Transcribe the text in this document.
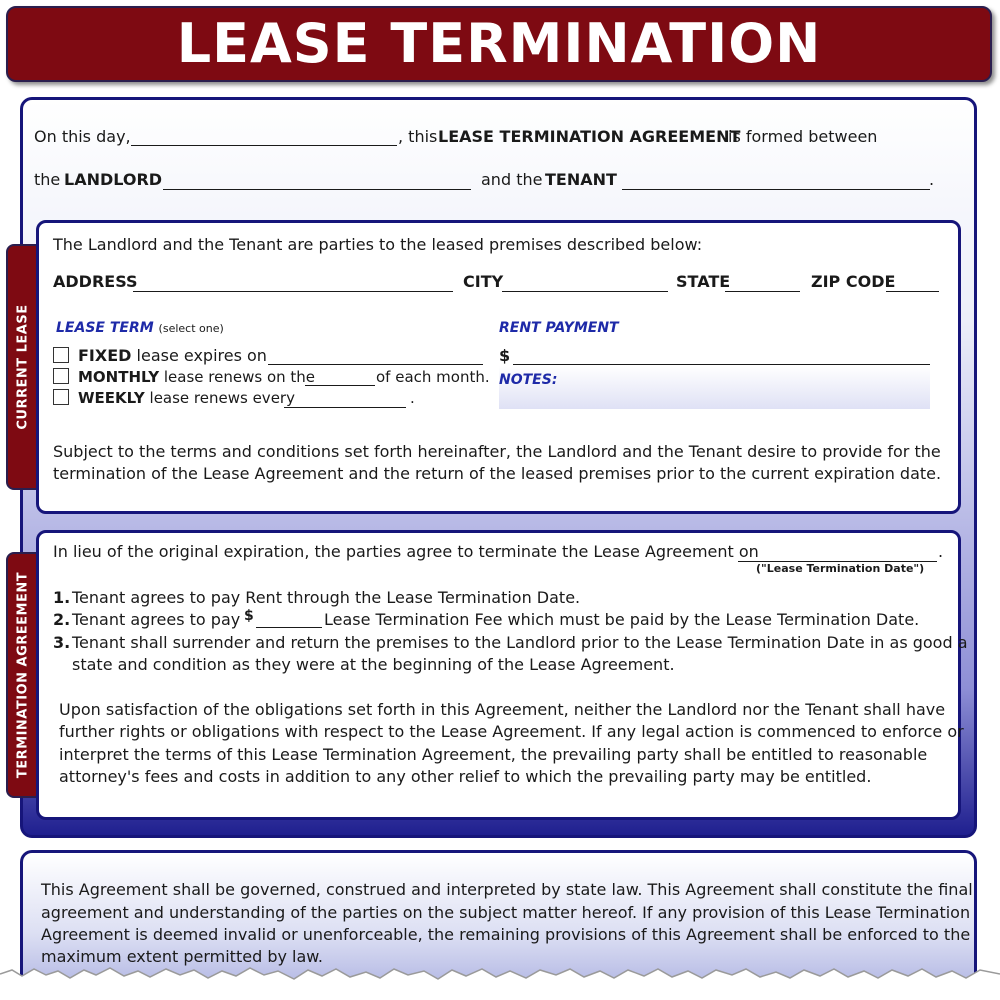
LEASE TERMINATION
On this day,	, this LEASE TERMINATION AGREEMENT
is formed between
the LANDLORD	and the TENANT	.
CURRENT LEASE
The Landlord and the Tenant are parties to the leased premises described below:
ADDRESS	CITY	STATE	ZIP CODE
LEASE TERM (select one)
FIXED lease expires on
MONTHLY lease renews on the	of each month.
WEEKLY lease renews every	.
RENT PAYMENT
$
NOTES:
Subject to the terms and conditions set forth hereinafter, the Landlord and the Tenant desire to provide for the
termination of the Lease Agreement and the return of the leased premises prior to the current expiration date.
TERMINATION AGREEMENT
In lieu of the original expiration, the parties agree to terminate the Lease Agreement on	.
("Lease Termination Date")
1. Tenant agrees to pay Rent through the Lease Termination Date.
2. Tenant agrees to pay $	Lease Termination Fee which must be paid by the Lease Termination Date.
3. Tenant shall surrender and return the premises to the Landlord prior to the Lease Termination Date in as good a
state and condition as they were at the beginning of the Lease Agreement.
Upon satisfaction of the obligations set forth in this Agreement, neither the Landlord nor the Tenant shall have
further rights or obligations with respect to the Lease Agreement. If any legal action is commenced to enforce or
interpret the terms of this Lease Termination Agreement, the prevailing party shall be entitled to reasonable
attorney's fees and costs in addition to any other relief to which the prevailing party may be entitled.
This Agreement shall be governed, construed and interpreted by state law. This Agreement shall constitute the final
agreement and understanding of the parties on the subject matter hereof. If any provision of this Lease Termination
Agreement is deemed invalid or unenforceable, the remaining provisions of this Agreement shall be enforced to the
maximum extent permitted by law.
